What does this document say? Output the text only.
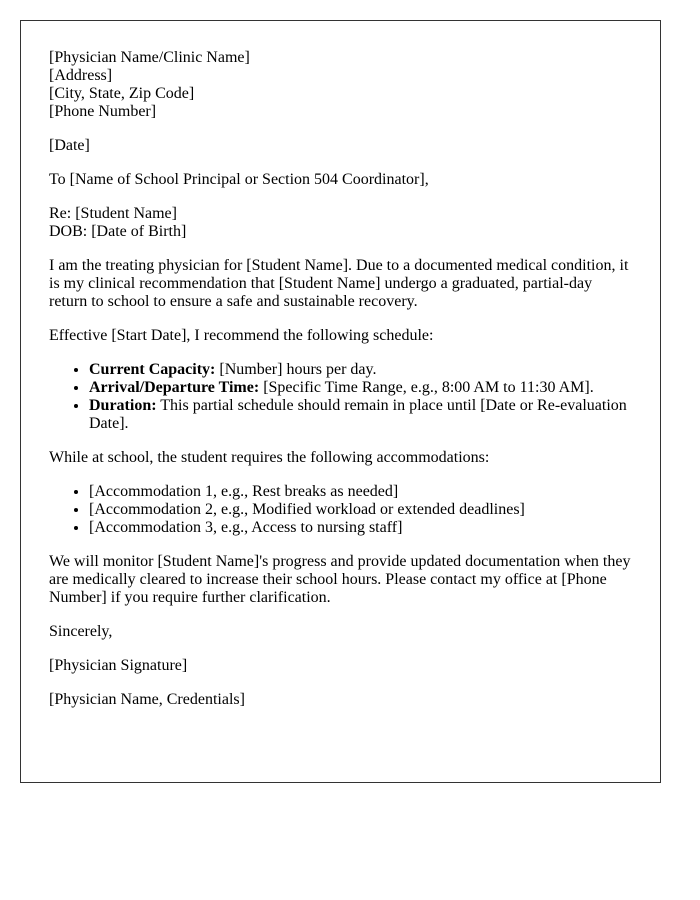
[Physician Name/Clinic Name]
[Address]
[City, State, Zip Code]
[Phone Number]

[Date]

To [Name of School Principal or Section 504 Coordinator],

Re: [Student Name]
DOB: [Date of Birth]

I am the treating physician for [Student Name]. Due to a documented medical condition, it is my clinical recommendation that [Student Name] undergo a graduated, partial-day return to school to ensure a safe and sustainable recovery.

Effective [Start Date], I recommend the following schedule:

• Current Capacity: [Number] hours per day.
• Arrival/Departure Time: [Specific Time Range, e.g., 8:00 AM to 11:30 AM].
• Duration: This partial schedule should remain in place until [Date or Re-evaluation Date].

While at school, the student requires the following accommodations:

• [Accommodation 1, e.g., Rest breaks as needed]
• [Accommodation 2, e.g., Modified workload or extended deadlines]
• [Accommodation 3, e.g., Access to nursing staff]

We will monitor [Student Name]'s progress and provide updated documentation when they are medically cleared to increase their school hours. Please contact my office at [Phone Number] if you require further clarification.

Sincerely,

[Physician Signature]

[Physician Name, Credentials]
